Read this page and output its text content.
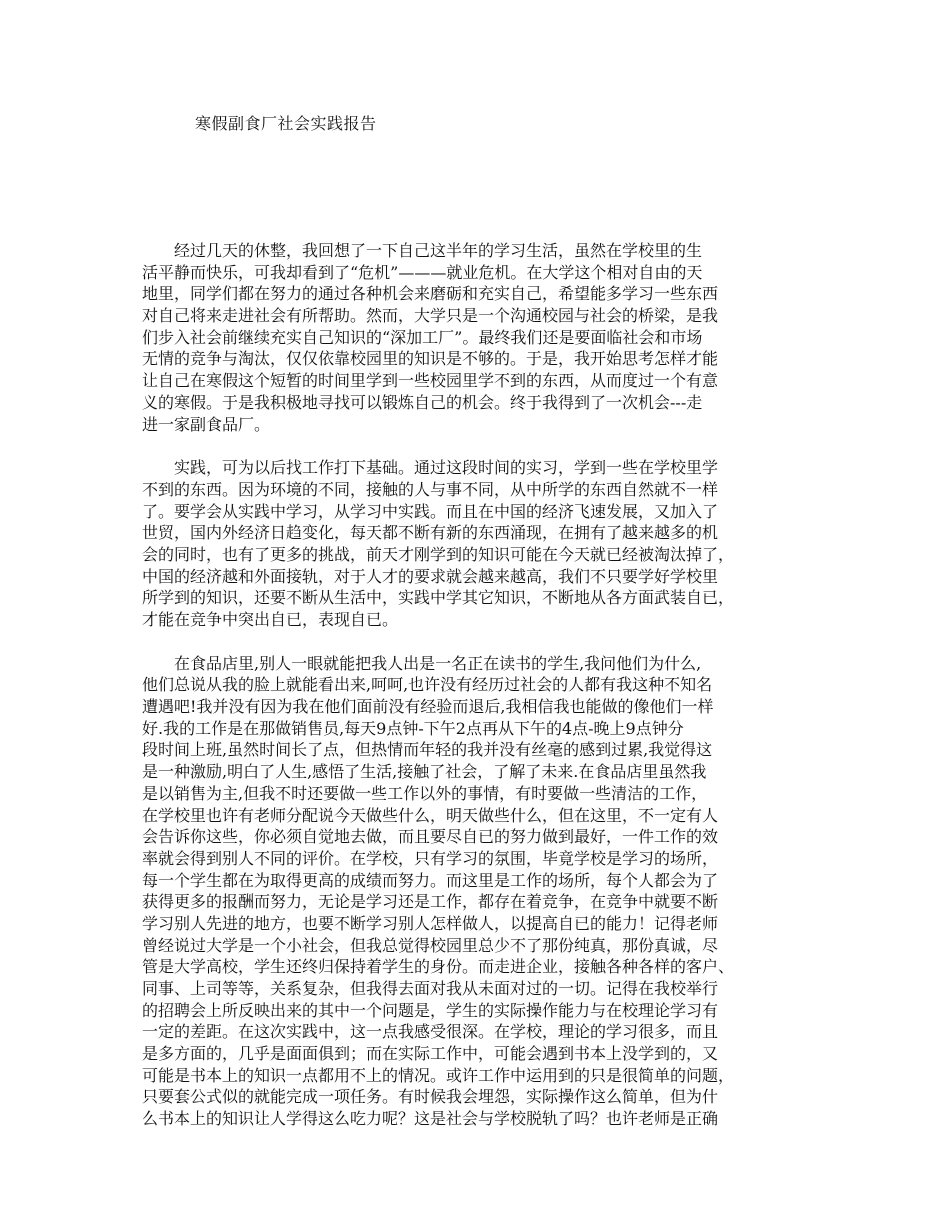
寒假副食厂社会实践报告
　　经过几天的休整，我回想了一下自己这半年的学习生活，虽然在学校里的生
活平静而快乐，可我却看到了“危机”———就业危机。在大学这个相对自由的天
地里，同学们都在努力的通过各种机会来磨砺和充实自己，希望能多学习一些东西
对自己将来走进社会有所帮助。然而，大学只是一个沟通校园与社会的桥梁，是我
们步入社会前继续充实自己知识的“深加工厂”。最终我们还是要面临社会和市场
无情的竞争与淘汰，仅仅依靠校园里的知识是不够的。于是，我开始思考怎样才能
让自己在寒假这个短暂的时间里学到一些校园里学不到的东西，从而度过一个有意
义的寒假。于是我积极地寻找可以锻炼自己的机会。终于我得到了一次机会---走
进一家副食品厂。
　　实践，可为以后找工作打下基础。通过这段时间的实习，学到一些在学校里学
不到的东西。因为环境的不同，接触的人与事不同，从中所学的东西自然就不一样
了。要学会从实践中学习，从学习中实践。而且在中国的经济飞速发展，又加入了
世贸，国内外经济日趋变化，每天都不断有新的东西涌现，在拥有了越来越多的机
会的同时，也有了更多的挑战，前天才刚学到的知识可能在今天就已经被淘汰掉了，
中国的经济越和外面接轨，对于人才的要求就会越来越高，我们不只要学好学校里
所学到的知识，还要不断从生活中，实践中学其它知识，不断地从各方面武装自已，
才能在竞争中突出自已，表现自已。
　　在食品店里,别人一眼就能把我人出是一名正在读书的学生,我问他们为什么,
他们总说从我的脸上就能看出来,呵呵,也许没有经历过社会的人都有我这种不知名
遭遇吧!我并没有因为我在他们面前没有经验而退后,我相信我也能做的像他们一样
好.我的工作是在那做销售员,每天9点钟-下午2点再从下午的4点-晚上9点钟分
段时间上班,虽然时间长了点，但热情而年轻的我并没有丝毫的感到过累,我觉得这
是一种激励,明白了人生,感悟了生活,接触了社会，了解了未来.在食品店里虽然我
是以销售为主,但我不时还要做一些工作以外的事情，有时要做一些清洁的工作，
在学校里也许有老师分配说今天做些什么，明天做些什么，但在这里，不一定有人
会告诉你这些，你必须自觉地去做，而且要尽自已的努力做到最好，一件工作的效
率就会得到别人不同的评价。在学校，只有学习的氛围，毕竟学校是学习的场所，
每一个学生都在为取得更高的成绩而努力。而这里是工作的场所，每个人都会为了
获得更多的报酬而努力，无论是学习还是工作，都存在着竞争，在竞争中就要不断
学习别人先进的地方，也要不断学习别人怎样做人，以提高自已的能力！记得老师
曾经说过大学是一个小社会，但我总觉得校园里总少不了那份纯真，那份真诚，尽
管是大学高校，学生还终归保持着学生的身份。而走进企业，接触各种各样的客户、
同事、上司等等，关系复杂，但我得去面对我从未面对过的一切。记得在我校举行
的招聘会上所反映出来的其中一个问题是，学生的实际操作能力与在校理论学习有
一定的差距。在这次实践中，这一点我感受很深。在学校，理论的学习很多，而且
是多方面的，几乎是面面俱到；而在实际工作中，可能会遇到书本上没学到的，又
可能是书本上的知识一点都用不上的情况。或许工作中运用到的只是很简单的问题，
只要套公式似的就能完成一项任务。有时候我会埋怨，实际操作这么简单，但为什
么书本上的知识让人学得这么吃力呢？这是社会与学校脱轨了吗？也许老师是正确
